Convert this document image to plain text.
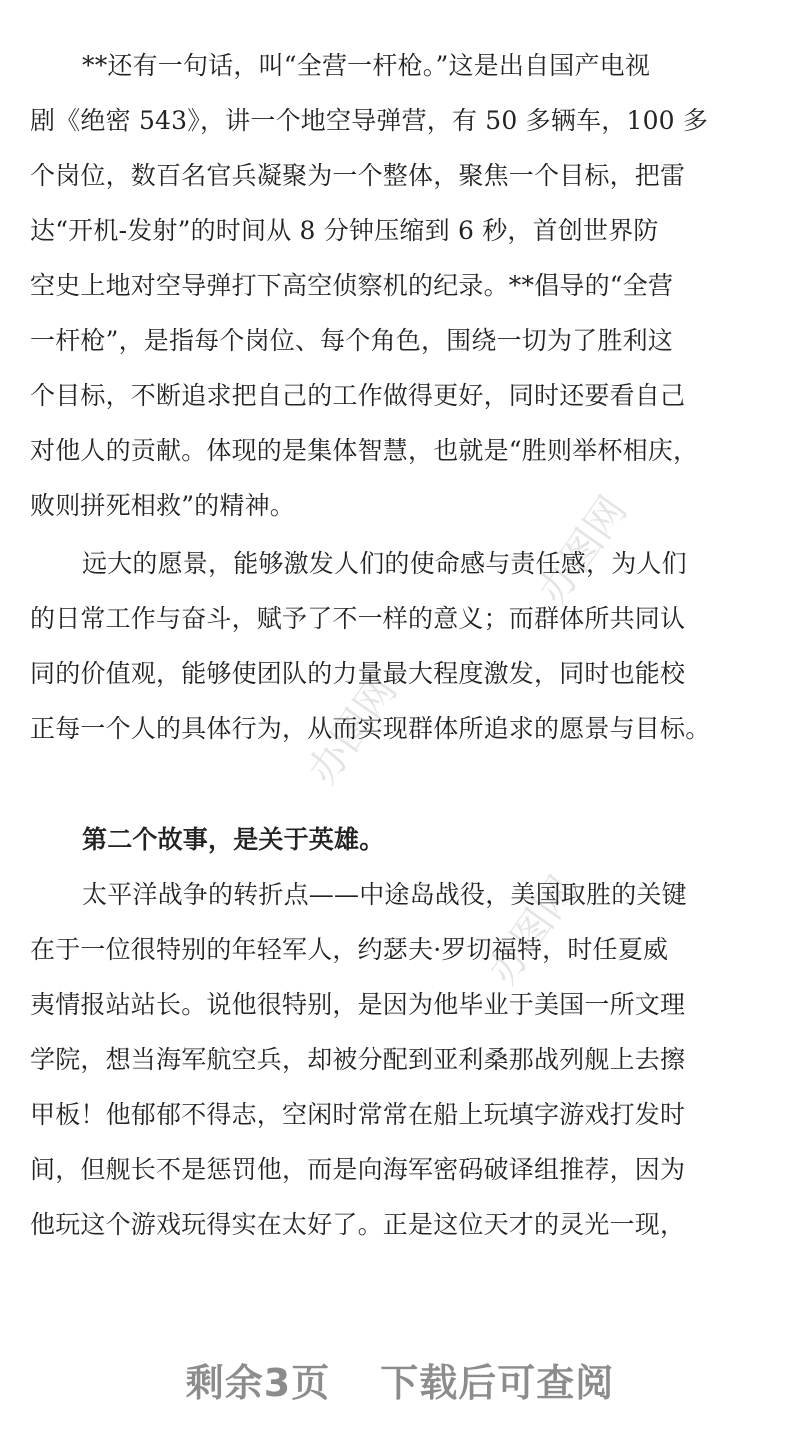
办图网
办图网
办图网
**还有一句话，叫“全营一杆枪。”这是出自国产电视
剧《绝密 543》，讲一个地空导弹营，有 50 多辆车，100 多
个岗位，数百名官兵凝聚为一个整体，聚焦一个目标，把雷
达“开机-发射”的时间从 8 分钟压缩到 6 秒，首创世界防
空史上地对空导弹打下高空侦察机的纪录。**倡导的“全营
一杆枪”，是指每个岗位、每个角色，围绕一切为了胜利这
个目标，不断追求把自己的工作做得更好，同时还要看自己
对他人的贡献。体现的是集体智慧，也就是“胜则举杯相庆，
败则拼死相救”的精神。
远大的愿景，能够激发人们的使命感与责任感，为人们
的日常工作与奋斗，赋予了不一样的意义；而群体所共同认
同的价值观，能够使团队的力量最大程度激发，同时也能校
正每一个人的具体行为，从而实现群体所追求的愿景与目标。
第二个故事，是关于英雄。
太平洋战争的转折点——中途岛战役，美国取胜的关键
在于一位很特别的年轻军人，约瑟夫·罗切福特，时任夏威
夷情报站站长。说他很特别，是因为他毕业于美国一所文理
学院，想当海军航空兵，却被分配到亚利桑那战列舰上去擦
甲板！他郁郁不得志，空闲时常常在船上玩填字游戏打发时
间，但舰长不是惩罚他，而是向海军密码破译组推荐，因为
他玩这个游戏玩得实在太好了。正是这位天才的灵光一现，
剩余3页 下载后可查阅
